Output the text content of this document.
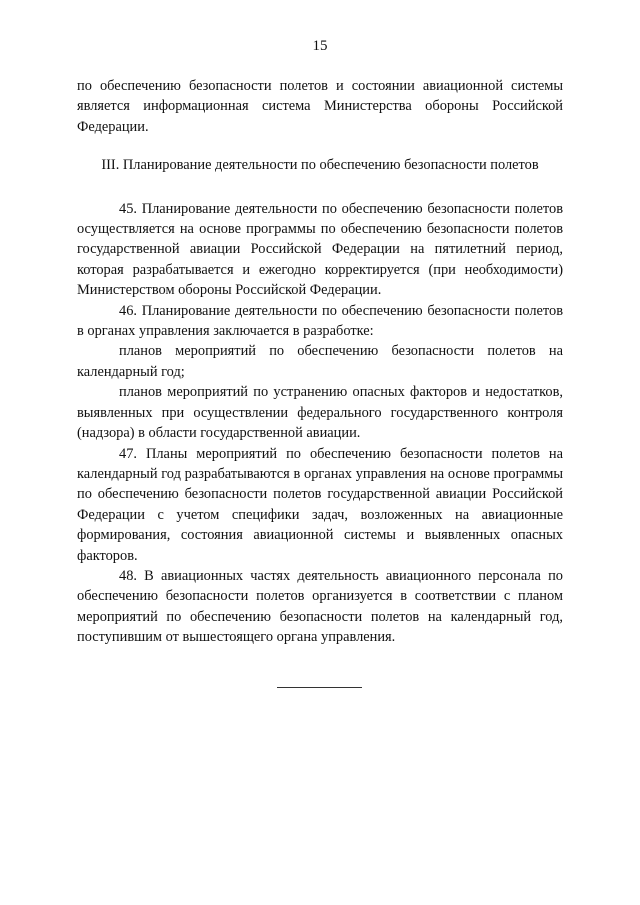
15

по обеспечению безопасности полетов и состоянии авиационной системы является информационная система Министерства обороны Российской Федерации.

III. Планирование деятельности по обеспечению безопасности полетов

45. Планирование деятельности по обеспечению безопасности полетов осуществляется на основе программы по обеспечению безопасности полетов государственной авиации Российской Федерации на пятилетний период, которая разрабатывается и ежегодно корректируется (при необходимости) Министерством обороны Российской Федерации.

46. Планирование деятельности по обеспечению безопасности полетов в органах управления заключается в разработке:

планов мероприятий по обеспечению безопасности полетов на календарный год;

планов мероприятий по устранению опасных факторов и недостатков, выявленных при осуществлении федерального государственного контроля (надзора) в области государственной авиации.

47. Планы мероприятий по обеспечению безопасности полетов на календарный год разрабатываются в органах управления на основе программы по обеспечению безопасности полетов государственной авиации Российской Федерации с учетом специфики задач, возложенных на авиационные формирования, состояния авиационной системы и выявленных опасных факторов.

48. В авиационных частях деятельность авиационного персонала по обеспечению безопасности полетов организуется в соответствии с планом мероприятий по обеспечению безопасности полетов на календарный год, поступившим от вышестоящего органа управления.
